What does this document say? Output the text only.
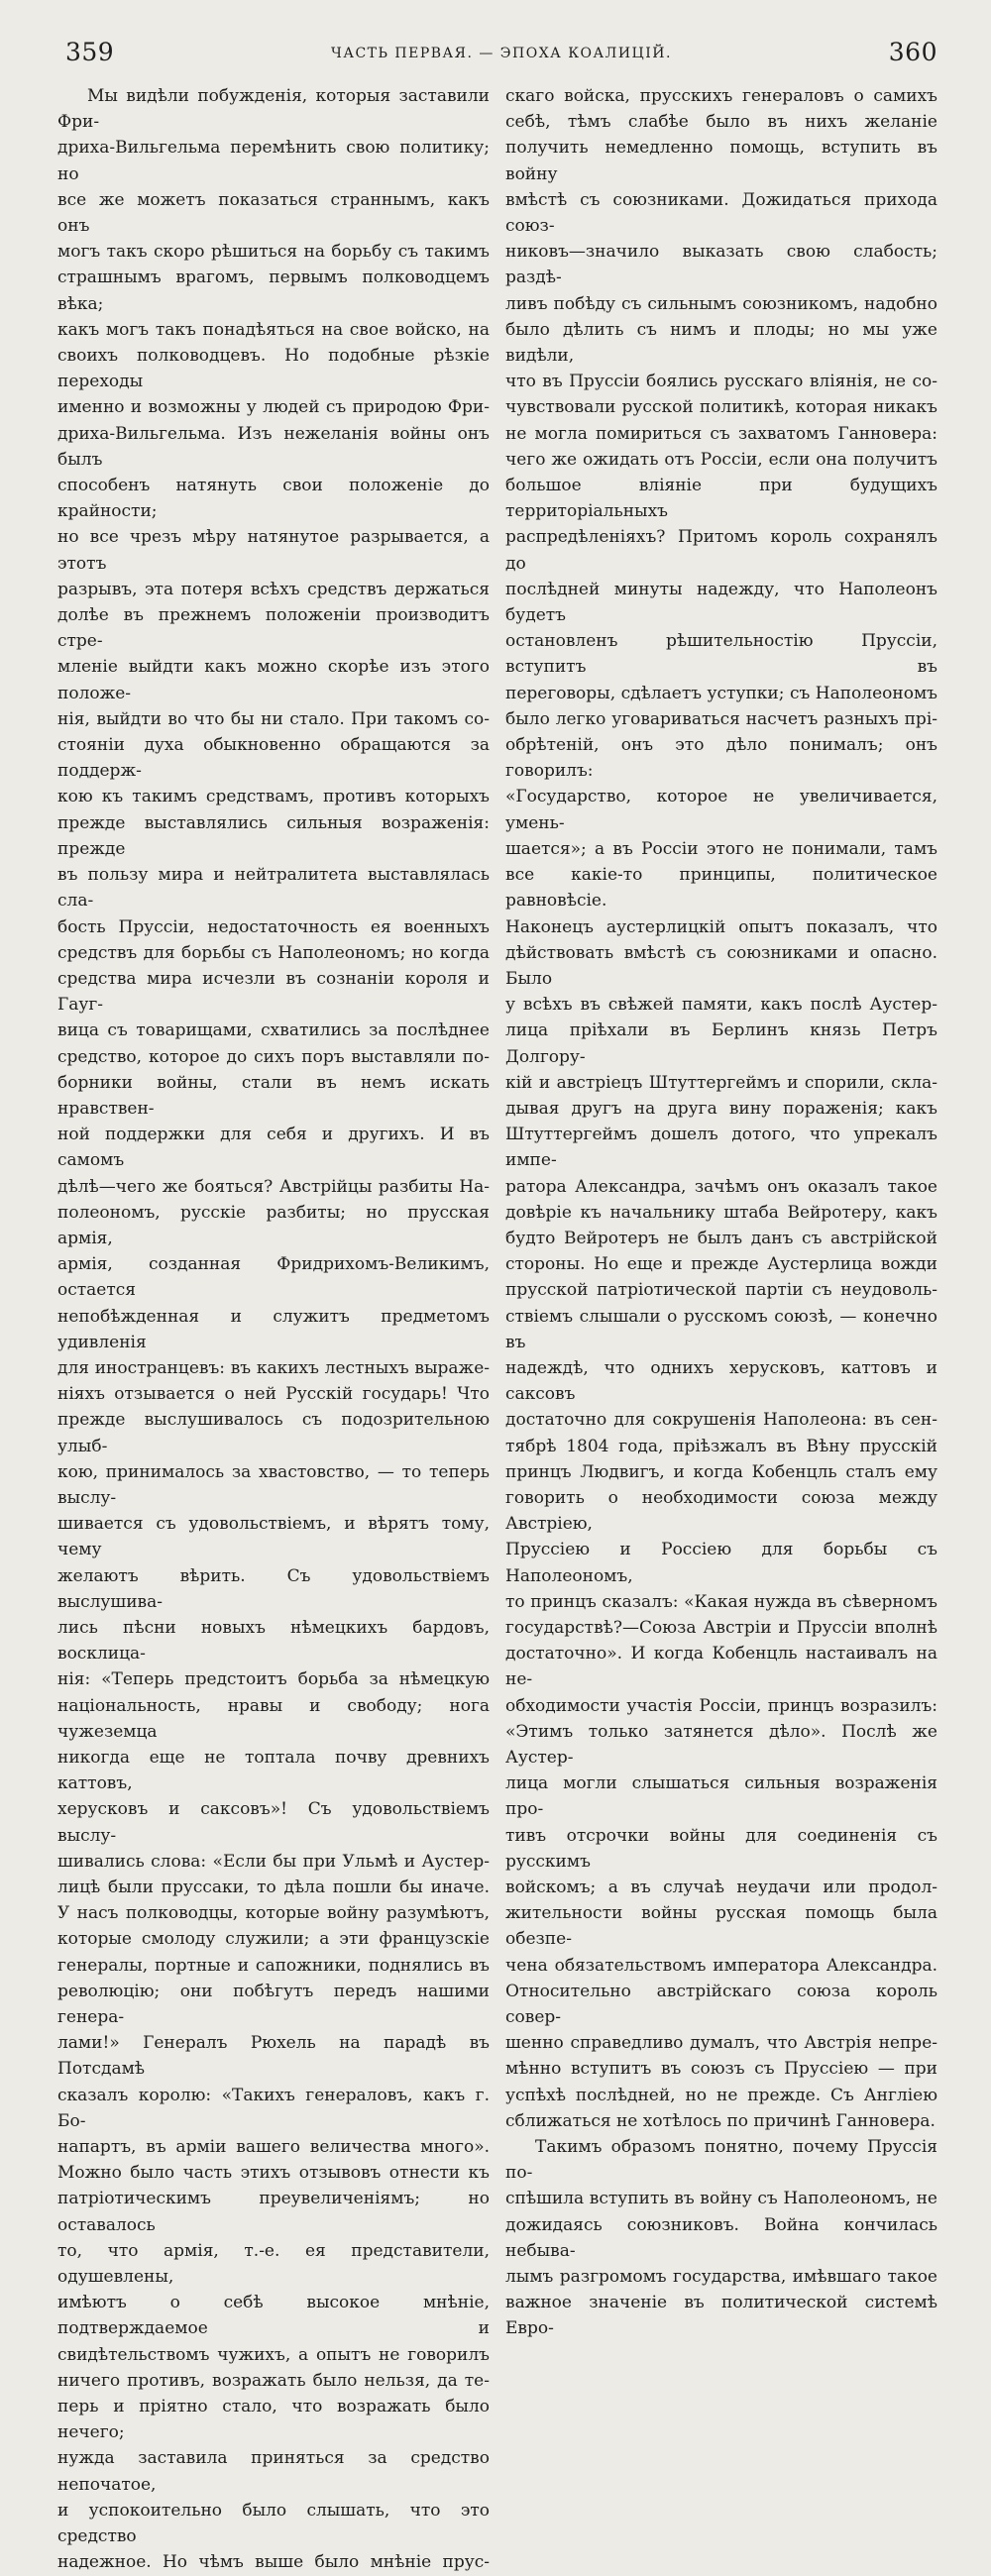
359	ЧАСТЬ ПЕРВАЯ. — ЭПОХА КОАЛИЦІЙ.	360

Мы видѣли побужденія, которыя заставили Фри-

дриха-Вильгельма перемѣнить свою политику; но

все же можетъ показаться страннымъ, какъ онъ

могъ такъ скоро рѣшиться на борьбу съ такимъ

страшнымъ врагомъ, первымъ полководцемъ вѣка;

какъ могъ такъ понадѣяться на свое войско, на

своихъ полководцевъ. Но подобные рѣзкіе переходы

именно и возможны у людей съ природою Фри-

дриха-Вильгельма. Изъ нежеланія войны онъ былъ

способенъ натянуть свои положеніе до крайности;

но все чрезъ мѣру натянутое разрывается, а этотъ

разрывъ, эта потеря всѣхъ средствъ держаться

долѣе въ прежнемъ положеніи производитъ стре-

мленіе выйдти какъ можно скорѣе изъ этого положе-

нія, выйдти во что бы ни стало. При такомъ со-

стояніи духа обыкновенно обращаются за поддерж-

кою къ такимъ средствамъ, противъ которыхъ

прежде выставлялись сильныя возраженія: прежде

въ пользу мира и нейтралитета выставлялась сла-

бость Пруссіи, недостаточность ея военныхъ

средствъ для борьбы съ Наполеономъ; но когда

средства мира исчезли въ сознаніи короля и Гауг-

вица съ товарищами, схватились за послѣднее

средство, которое до сихъ поръ выставляли по-

борники войны, стали въ немъ искать нравствен-

ной поддержки для себя и другихъ. И въ самомъ

дѣлѣ—чего же бояться? Австрійцы разбиты На-

полеономъ, русскіе разбиты; но прусская армія,

армія, созданная Фридрихомъ-Великимъ, остается

непобѣжденная и служитъ предметомъ удивленія

для иностранцевъ: въ какихъ лестныхъ выраже-

ніяхъ отзывается о ней Русскій государь! Что

прежде выслушивалось съ подозрительною улыб-

кою, принималось за хвастовство, — то теперь выслу-

шивается съ удовольствіемъ, и вѣрятъ тому, чему

желаютъ вѣрить. Съ удовольствіемъ выслушива-

лись пѣсни новыхъ нѣмецкихъ бардовъ, восклица-

нія: «Теперь предстоитъ борьба за нѣмецкую

національность, нравы и свободу; нога чужеземца

никогда еще не топтала почву древнихъ каттовъ,

херусковъ и саксовъ»! Съ удовольствіемъ выслу-

шивались слова: «Если бы при Ульмѣ и Аустер-

лицѣ были пруссаки, то дѣла пошли бы иначе.

У насъ полководцы, которые войну разумѣютъ,

которые смолоду служили; а эти французскіе

генералы, портные и сапожники, поднялись въ

революцію; они побѣгутъ передъ нашими генера-

лами!» Генералъ Рюхель на парадѣ въ Потсдамѣ

сказалъ королю: «Такихъ генераловъ, какъ г. Бо-

напартъ, въ арміи вашего величества много».

Можно было часть этихъ отзывовъ отнести къ

патріотическимъ преувеличеніямъ; но оставалось

то, что армія, т.-е. ея представители, одушевлены,

имѣютъ о себѣ высокое мнѣніе, подтверждаемое и

свидѣтельствомъ чужихъ, а опытъ не говорилъ

ничего противъ, возражать было нельзя, да те-

перь и пріятно стало, что возражать было нечего;

нужда заставила приняться за средство непочатое,

и успокоительно было слышать, что это средство

надежное. Но чѣмъ выше было мнѣніе прус-

скаго войска, прусскихъ генераловъ о самихъ

себѣ, тѣмъ слабѣе было въ нихъ желаніе

получить немедленно помощь, вступить въ войну

вмѣстѣ съ союзниками. Дожидаться прихода союз-

никовъ—значило выказать свою слабость; раздѣ-

ливъ побѣду съ сильнымъ союзникомъ, надобно

было дѣлить съ нимъ и плоды; но мы уже видѣли,

что въ Пруссіи боялись русскаго вліянія, не со-

чувствовали русской политикѣ, которая никакъ

не могла помириться съ захватомъ Ганновера:

чего же ожидать отъ Россіи, если она получитъ

большое вліяніе при будущихъ территоріальныхъ

распредѣленіяхъ? Притомъ король сохранялъ до

послѣдней минуты надежду, что Наполеонъ будетъ

остановленъ рѣшительностію Пруссіи, вступитъ въ

переговоры, сдѣлаетъ уступки; съ Наполеономъ

было легко уговариваться насчетъ разныхъ прі-

обрѣтеній, онъ это дѣло понималъ; онъ говорилъ:

«Государство, которое не увеличивается, умень-

шается»; а въ Россіи этого не понимали, тамъ

все какіе-то принципы, политическое равновѣсіе.

Наконецъ аустерлицкій опытъ показалъ, что

дѣйствовать вмѣстѣ съ союзниками и опасно. Было

у всѣхъ въ свѣжей памяти, какъ послѣ Аустер-

лица пріѣхали въ Берлинъ князь Петръ Долгору-

кій и австрiецъ Штуттергеймъ и спорили, скла-

дывая другъ на друга вину пораженія; какъ

Штуттергеймъ дошелъ дотого, что упрекалъ импе-

ратора Александра, зачѣмъ онъ оказалъ такое

довѣріе къ начальнику штаба Вейротеру, какъ

будто Вейротеръ не былъ данъ съ австрійской

стороны. Но еще и прежде Аустерлица вожди

прусской патріотической партіи съ неудоволь-

ствіемъ слышали о русскомъ союзѣ, — конечно въ

надеждѣ, что однихъ херусковъ, каттовъ и саксовъ

достаточно для сокрушенія Наполеона: въ сен-

тябрѣ 1804 года, пріѣзжалъ въ Вѣну прусскій

принцъ Людвигъ, и когда Кобенцль сталъ ему

говорить о необходимости союза между Австріею,

Пруссіею и Россіею для борьбы съ Наполеономъ,

то принцъ сказалъ: «Какая нужда въ сѣверномъ

государствѣ?—Союза Австріи и Пруссіи вполнѣ

достаточно». И когда Кобенцль настаивалъ на не-

обходимости участія Россіи, принцъ возразилъ:

«Этимъ только затянется дѣло». Послѣ же Аустер-

лица могли слышаться сильныя возраженія про-

тивъ отсрочки войны для соединенія съ русскимъ

войскомъ; а въ случаѣ неудачи или продол-

жительности войны русская помощь была обезпе-

чена обязательствомъ императора Александра.

Относительно австрійскаго союза король совер-

шенно справедливо думалъ, что Австрія непре-

мѣнно вступитъ въ союзъ съ Пруссіею — при

успѣхѣ послѣдней, но не прежде. Съ Англіею

сближаться не хотѣлось по причинѣ Ганновера.

Такимъ образомъ понятно, почему Пруссія по-

спѣшила вступить въ войну съ Наполеономъ, не

дожидаясь союзниковъ. Война кончилась небыва-

лымъ разгромомъ государства, имѣвшаго такое

важное значеніе въ политической системѣ Евро-
